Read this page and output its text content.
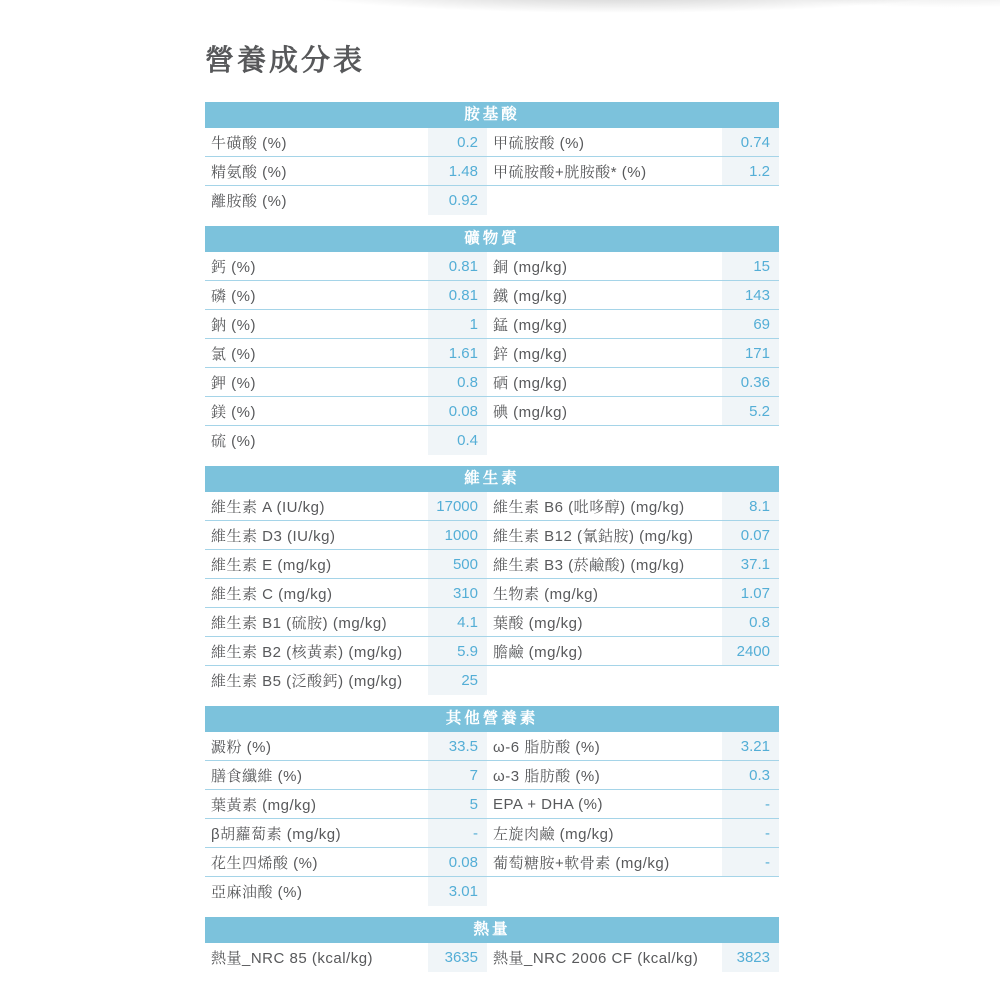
營養成分表
胺基酸
牛磺酸 (%)	0.2	甲硫胺酸 (%)	0.74
精氨酸 (%)	1.48	甲硫胺酸+胱胺酸* (%)	1.2
離胺酸 (%)	0.92
礦物質
鈣 (%)	0.81	銅 (mg/kg)	15
磷 (%)	0.81	鐵 (mg/kg)	143
鈉 (%)	1	錳 (mg/kg)	69
氯 (%)	1.61	鋅 (mg/kg)	171
鉀 (%)	0.8	硒 (mg/kg)	0.36
鎂 (%)	0.08	碘 (mg/kg)	5.2
硫 (%)	0.4
維生素
維生素 A (IU/kg)	17000	維生素 B6 (吡哆醇) (mg/kg)	8.1
維生素 D3 (IU/kg)	1000	維生素 B12 (氰鈷胺) (mg/kg)	0.07
維生素 E (mg/kg)	500	維生素 B3 (菸鹼酸) (mg/kg)	37.1
維生素 C (mg/kg)	310	生物素 (mg/kg)	1.07
維生素 B1 (硫胺) (mg/kg)	4.1	葉酸 (mg/kg)	0.8
維生素 B2 (核黃素) (mg/kg)	5.9	膽鹼 (mg/kg)	2400
維生素 B5 (泛酸鈣) (mg/kg)	25
其他營養素
澱粉 (%)	33.5	ω-6 脂肪酸 (%)	3.21
膳食纖維 (%)	7	ω-3 脂肪酸 (%)	0.3
葉黃素 (mg/kg)	5	EPA + DHA (%)	-
β胡蘿蔔素 (mg/kg)	-	左旋肉鹼 (mg/kg)	-
花生四烯酸 (%)	0.08	葡萄糖胺+軟骨素 (mg/kg)	-
亞麻油酸 (%)	3.01
熱量
熱量_NRC 85 (kcal/kg)	3635	熱量_NRC 2006 CF (kcal/kg)	3823
